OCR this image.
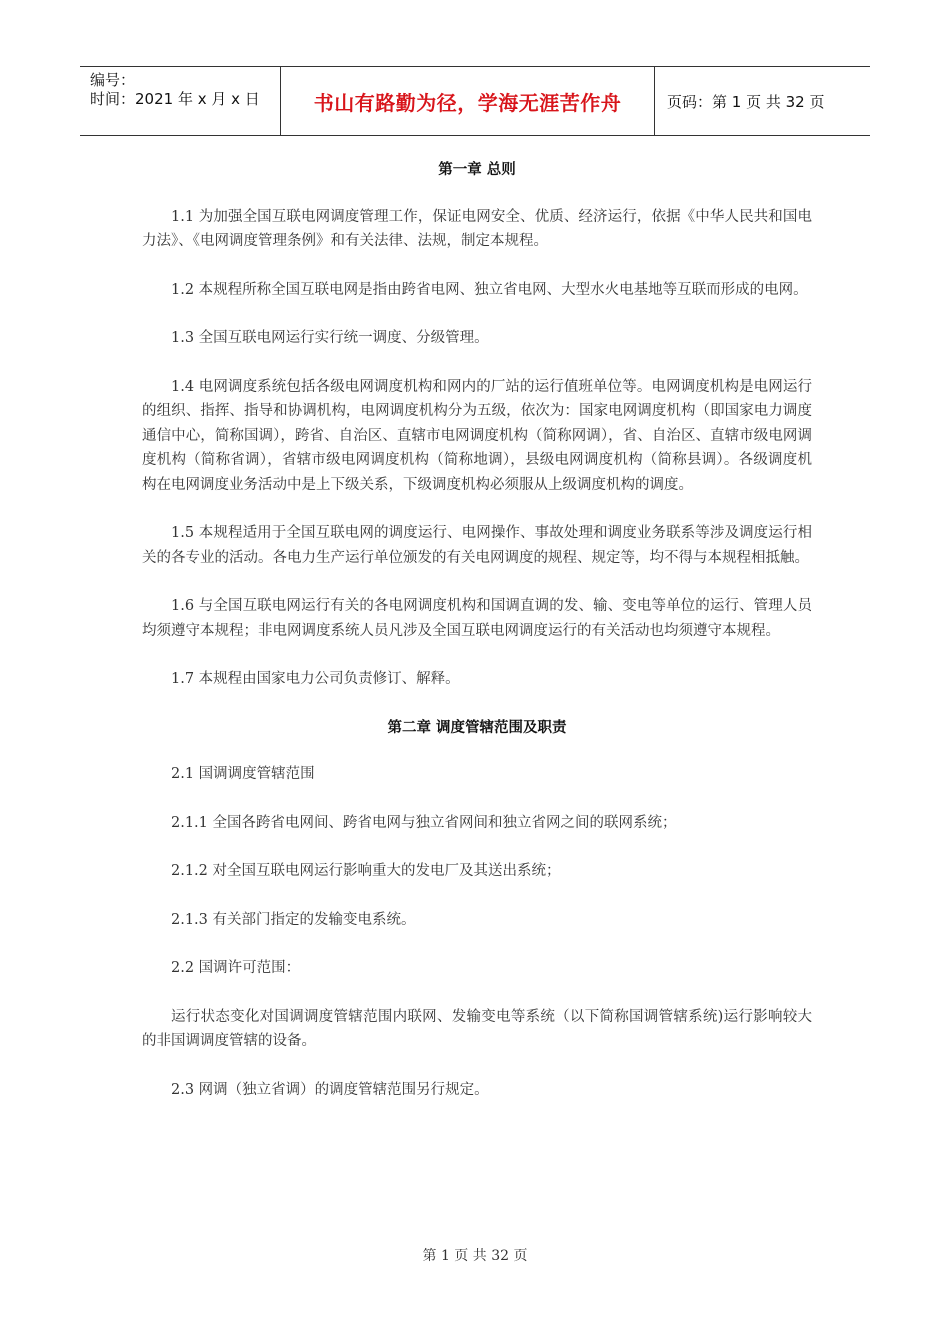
编号：
时间：2021 年 x 月 x 日	书山有路勤为径，学海无涯苦作舟	页码：第 1 页 共 32 页
第一章 总则

1.1 为加强全国互联电网调度管理工作，保证电网安全、优质、经济运行，依据《中华人民共和国电力法》、《电网调度管理条例》和有关法律、法规，制定本规程。

1.2 本规程所称全国互联电网是指由跨省电网、独立省电网、大型水火电基地等互联而形成的电网。

1.3 全国互联电网运行实行统一调度、分级管理。

1.4 电网调度系统包括各级电网调度机构和网内的厂站的运行值班单位等。电网调度机构是电网运行的组织、指挥、指导和协调机构，电网调度机构分为五级，依次为：国家电网调度机构（即国家电力调度通信中心，简称国调），跨省、自治区、直辖市电网调度机构（简称网调），省、自治区、直辖市级电网调度机构（简称省调），省辖市级电网调度机构（简称地调），县级电网调度机构（简称县调）。各级调度机构在电网调度业务活动中是上下级关系，下级调度机构必须服从上级调度机构的调度。

1.5 本规程适用于全国互联电网的调度运行、电网操作、事故处理和调度业务联系等涉及调度运行相关的各专业的活动。各电力生产运行单位颁发的有关电网调度的规程、规定等，均不得与本规程相抵触。

1.6 与全国互联电网运行有关的各电网调度机构和国调直调的发、输、变电等单位的运行、管理人员均须遵守本规程；非电网调度系统人员凡涉及全国互联电网调度运行的有关活动也均须遵守本规程。

1.7 本规程由国家电力公司负责修订、解释。

第二章 调度管辖范围及职责

2.1 国调调度管辖范围

2.1.1 全国各跨省电网间、跨省电网与独立省网间和独立省网之间的联网系统；

2.1.2 对全国互联电网运行影响重大的发电厂及其送出系统；

2.1.3 有关部门指定的发输变电系统。

2.2 国调许可范围：

运行状态变化对国调调度管辖范围内联网、发输变电等系统（以下简称国调管辖系统)运行影响较大的非国调调度管辖的设备。

2.3 网调（独立省调）的调度管辖范围另行规定。

第 1 页 共 32 页
